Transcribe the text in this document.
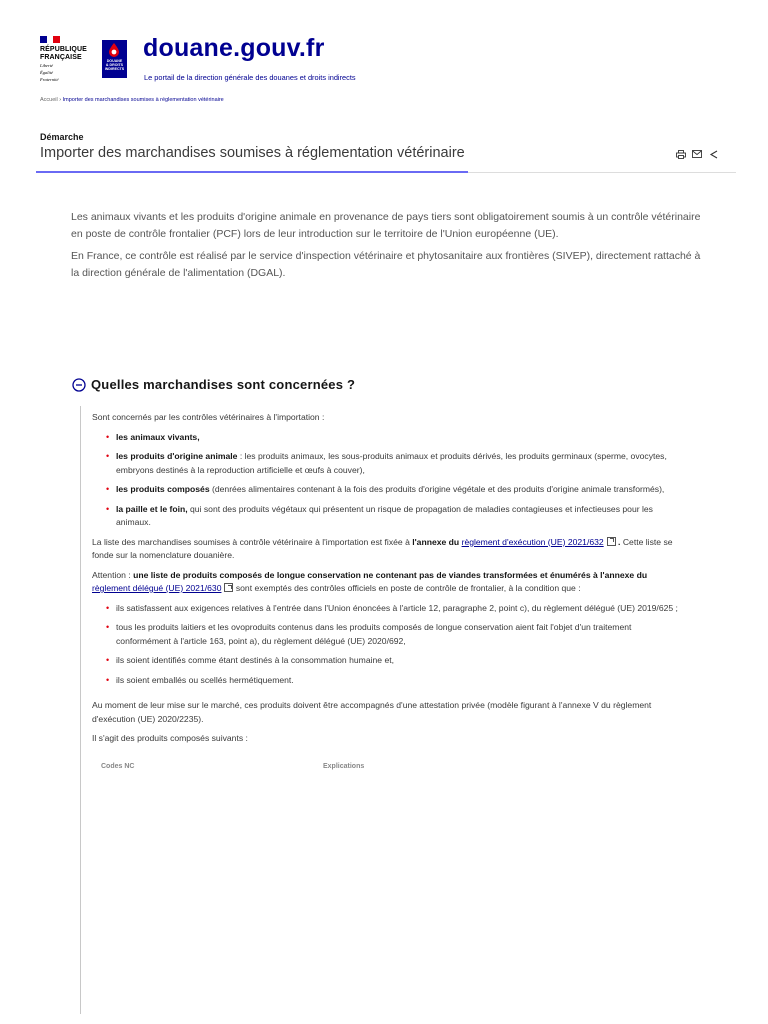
RÉPUBLIQUE
FRANÇAISE
Liberté
Égalité
Fraternité
DOUANE
& DROITS
INDIRECTS
douane.gouv.fr
Le portail de la direction générale des douanes et droits indirects
Accueil › Importer des marchandises soumises à réglementation vétérinaire
Démarche
Importer des marchandises soumises à réglementation vétérinaire

Les animaux vivants et les produits d'origine animale en provenance de pays tiers sont obligatoirement soumis à un contrôle vétérinaire en poste de contrôle frontalier (PCF) lors de leur introduction sur le territoire de l'Union européenne (UE).

En France, ce contrôle est réalisé par le service d'inspection vétérinaire et phytosanitaire aux frontières (SIVEP), directement rattaché à la direction générale de l'alimentation (DGAL).

Quelles marchandises sont concernées ?

Sont concernés par les contrôles vétérinaires à l'importation :

• les animaux vivants,
• les produits d'origine animale : les produits animaux, les sous-produits animaux et produits dérivés, les produits germinaux (sperme, ovocytes, embryons destinés à la reproduction artificielle et œufs à couver),
• les produits composés (denrées alimentaires contenant à la fois des produits d'origine végétale et des produits d'origine animale transformés),
• la paille et le foin, qui sont des produits végétaux qui présentent un risque de propagation de maladies contagieuses et infectieuses pour les animaux.

La liste des marchandises soumises à contrôle vétérinaire à l'importation est fixée à l'annexe du règlement d'exécution (UE) 2021/632 . Cette liste se fonde sur la nomenclature douanière.

Attention : une liste de produits composés de longue conservation ne contenant pas de viandes transformées et énumérés à l'annexe du règlement délégué (UE) 2021/630 sont exemptés des contrôles officiels en poste de contrôle de frontalier, à la condition que :

• ils satisfassent aux exigences relatives à l'entrée dans l'Union énoncées à l'article 12, paragraphe 2, point c), du règlement délégué (UE) 2019/625 ;
• tous les produits laitiers et les ovoproduits contenus dans les produits composés de longue conservation aient fait l'objet d'un traitement conformément à l'article 163, point a), du règlement délégué (UE) 2020/692,
• ils soient identifiés comme étant destinés à la consommation humaine et,
• ils soient emballés ou scellés hermétiquement.

Au moment de leur mise sur le marché, ces produits doivent être accompagnés d'une attestation privée (modèle figurant à l'annexe V du règlement d'exécution (UE) 2020/2235).

Il s'agit des produits composés suivants :

Codes NC	Explications
